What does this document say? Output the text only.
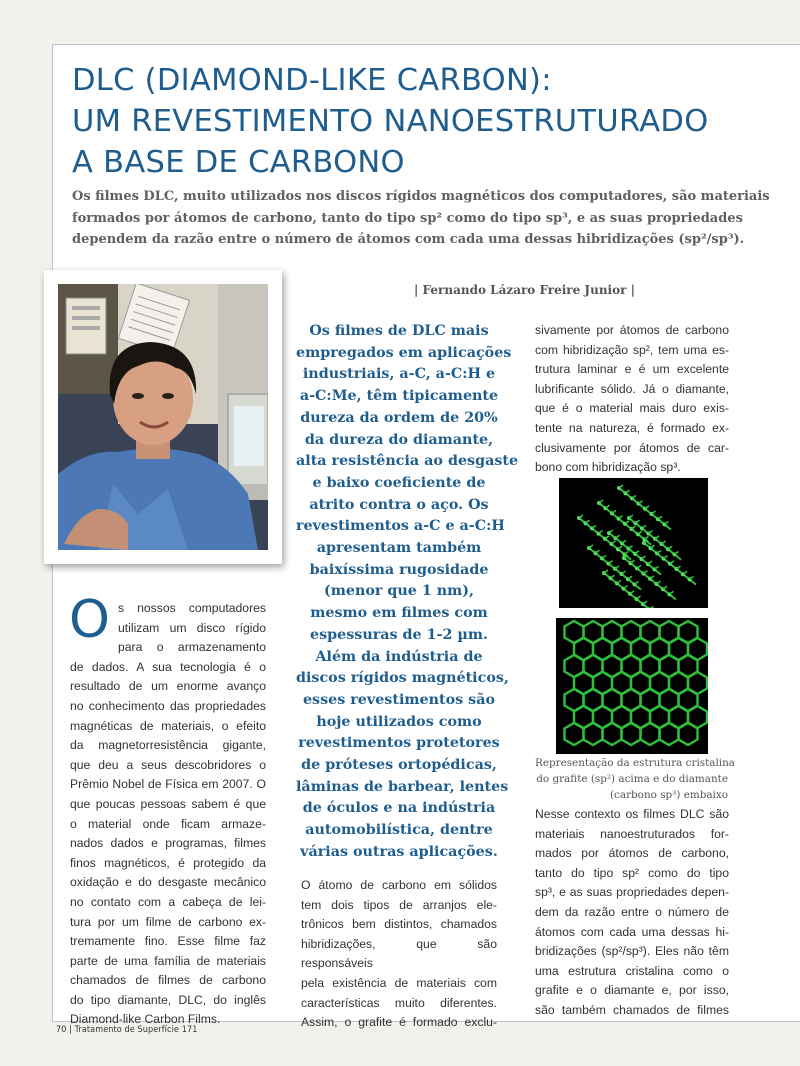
DLC (DIAMOND-LIKE CARBON):
UM REVESTIMENTO NANOESTRUTURADO
A BASE DE CARBONO
Os filmes DLC, muito utilizados nos discos rígidos magnéticos dos computadores, são materiais
formados por átomos de carbono, tanto do tipo sp² como do tipo sp³, e as suas propriedades
dependem da razão entre o número de átomos com cada uma dessas hibridizações (sp²/sp³).
| Fernando Lázaro Freire Junior |
O s nossos computadores
utilizam um disco rígido
para o armazenamento
de dados. A sua tecnologia é o
resultado de um enorme avanço
no conhecimento das propriedades
magnéticas de materiais, o efeito
da magnetorresistência gigante,
que deu a seus descobridores o
Prêmio Nobel de Física em 2007. O
que poucas pessoas sabem é que
o material onde ficam armaze-
nados dados e programas, filmes
finos magnéticos, é protegido da
oxidação e do desgaste mecânico
no contato com a cabeça de lei-
tura por um filme de carbono ex-
tremamente fino. Esse filme faz
parte de uma família de materiais
chamados de filmes de carbono
do tipo diamante, DLC, do inglês
Diamond-like Carbon Films.
Os filmes de DLC mais
empregados em aplicações
industriais, a-C, a-C:H e
a-C:Me, têm tipicamente
dureza da ordem de 20%
da dureza do diamante,
alta resistência ao desgaste
e baixo coeficiente de
atrito contra o aço. Os
revestimentos a-C e a-C:H
apresentam também
baixíssima rugosidade
(menor que 1 nm),
mesmo em filmes com
espessuras de 1-2 µm.
Além da indústria de
discos rígidos magnéticos,
esses revestimentos são
hoje utilizados como
revestimentos protetores
de próteses ortopédicas,
lâminas de barbear, lentes
de óculos e na indústria
automobilística, dentre
várias outras aplicações.
O átomo de carbono em sólidos
tem dois tipos de arranjos ele-
trônicos bem distintos, chamados
hibridizações, que são responsáveis
pela existência de materiais com
características muito diferentes.
Assim, o grafite é formado exclu-
sivamente por átomos de carbono
com hibridização sp², tem uma es-
trutura laminar e é um excelente
lubrificante sólido. Já o diamante,
que é o material mais duro exis-
tente na natureza, é formado ex-
clusivamente por átomos de car-
bono com hibridização sp³.
Representação da estrutura cristalina
do grafite (sp²) acima e do diamante
(carbono sp³) embaixo
Nesse contexto os filmes DLC são
materiais nanoestruturados for-
mados por átomos de carbono,
tanto do tipo sp² como do tipo
sp³, e as suas propriedades depen-
dem da razão entre o número de
átomos com cada uma dessas hi-
bridizações (sp²/sp³). Eles não têm
uma estrutura cristalina como o
grafite e o diamante e, por isso,
são também chamados de filmes
70 | Tratamento de Superfície 171
